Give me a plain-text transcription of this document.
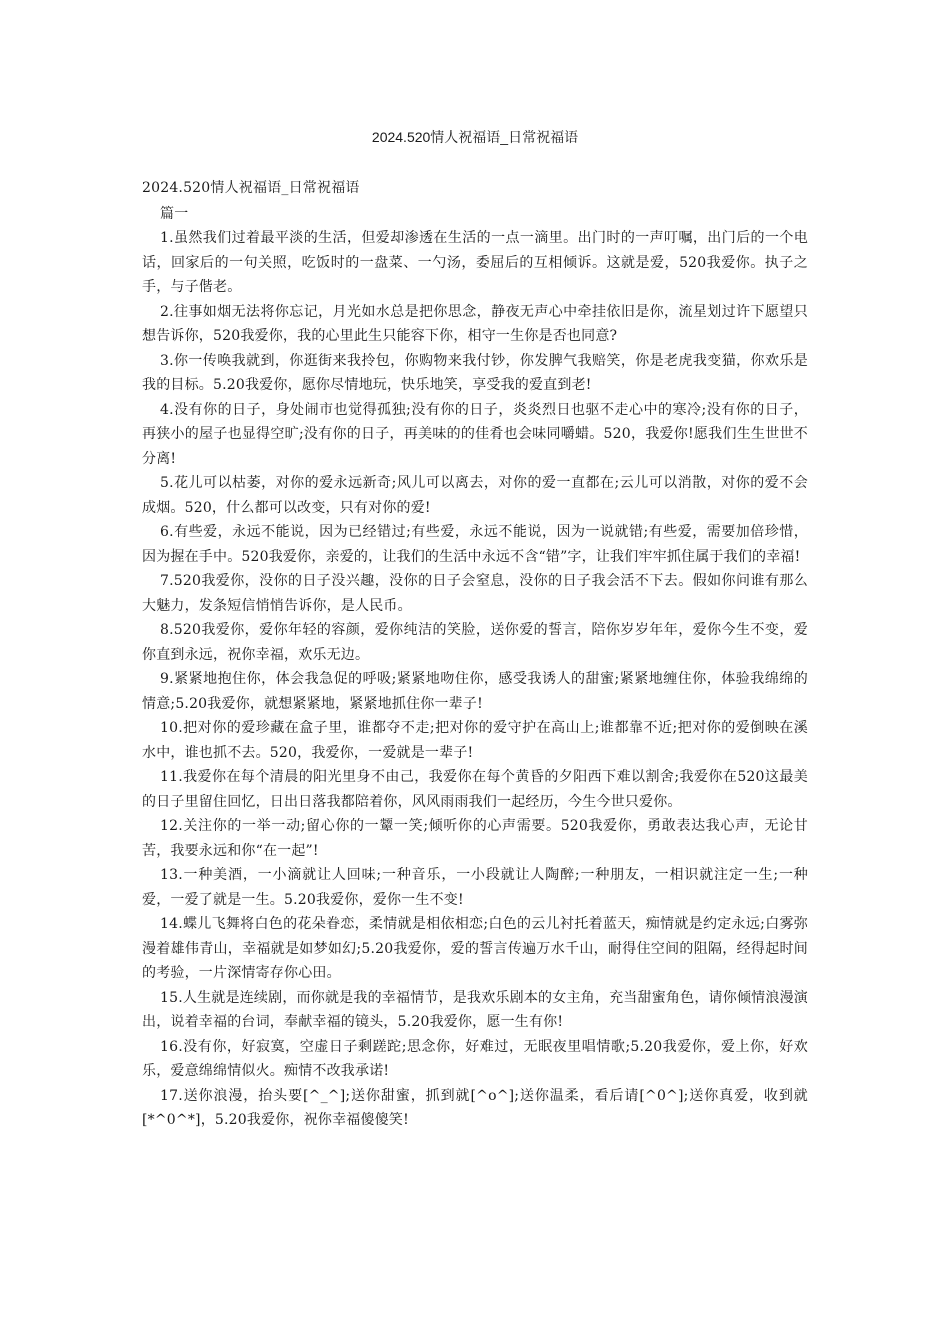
2024.520情人祝福语_日常祝福语

2024.520情人祝福语_日常祝福语

篇一

1.虽然我们过着最平淡的生活，但爱却渗透在生活的一点一滴里。出门时的一声叮嘱，出门后的一个电话，回家后的一句关照，吃饭时的一盘菜、一勺汤，委屈后的互相倾诉。这就是爱，520我爱你。执子之手，与子偕老。

2.往事如烟无法将你忘记，月光如水总是把你思念，静夜无声心中牵挂依旧是你，流星划过许下愿望只想告诉你，520我爱你，我的心里此生只能容下你，相守一生你是否也同意?

3.你一传唤我就到，你逛街来我拎包，你购物来我付钞，你发脾气我赔笑，你是老虎我变猫，你欢乐是我的目标。5.20我爱你，愿你尽情地玩，快乐地笑，享受我的爱直到老!

4.没有你的日子，身处闹市也觉得孤独;没有你的日子，炎炎烈日也驱不走心中的寒冷;没有你的日子，再狭小的屋子也显得空旷;没有你的日子，再美味的的佳肴也会味同嚼蜡。520，我爱你!愿我们生生世世不分离!

5.花儿可以枯萎，对你的爱永远新奇;风儿可以离去，对你的爱一直都在;云儿可以消散，对你的爱不会成烟。520，什么都可以改变，只有对你的爱!

6.有些爱，永远不能说，因为已经错过;有些爱，永远不能说，因为一说就错;有些爱，需要加倍珍惜，因为握在手中。520我爱你，亲爱的，让我们的生活中永远不含“错”字，让我们牢牢抓住属于我们的幸福!

7.520我爱你，没你的日子没兴趣，没你的日子会窒息，没你的日子我会活不下去。假如你问谁有那么大魅力，发条短信悄悄告诉你，是人民币。

8.520我爱你，爱你年轻的容颜，爱你纯洁的笑脸，送你爱的誓言，陪你岁岁年年，爱你今生不变，爱你直到永远，祝你幸福，欢乐无边。

9.紧紧地抱住你，体会我急促的呼吸;紧紧地吻住你，感受我诱人的甜蜜;紧紧地缠住你，体验我绵绵的情意;5.20我爱你，就想紧紧地，紧紧地抓住你一辈子!

10.把对你的爱珍藏在盒子里，谁都夺不走;把对你的爱守护在高山上;谁都靠不近;把对你的爱倒映在溪水中，谁也抓不去。520，我爱你，一爱就是一辈子!

11.我爱你在每个清晨的阳光里身不由己，我爱你在每个黄昏的夕阳西下难以割舍;我爱你在520这最美的日子里留住回忆，日出日落我都陪着你，风风雨雨我们一起经历，今生今世只爱你。

12.关注你的一举一动;留心你的一颦一笑;倾听你的心声需要。520我爱你，勇敢表达我心声，无论甘苦，我要永远和你“在一起”!

13.一种美酒，一小滴就让人回味;一种音乐，一小段就让人陶醉;一种朋友，一相识就注定一生;一种爱，一爱了就是一生。5.20我爱你，爱你一生不变!

14.蝶儿飞舞将白色的花朵眷恋，柔情就是相依相恋;白色的云儿衬托着蓝天，痴情就是约定永远;白雾弥漫着雄伟青山，幸福就是如梦如幻;5.20我爱你，爱的誓言传遍万水千山，耐得住空间的阻隔，经得起时间的考验，一片深情寄存你心田。

15.人生就是连续剧，而你就是我的幸福情节，是我欢乐剧本的女主角，充当甜蜜角色，请你倾情浪漫演出，说着幸福的台词，奉献幸福的镜头，5.20我爱你，愿一生有你!

16.没有你，好寂寞，空虚日子剩蹉跎;思念你，好难过，无眠夜里唱情歌;5.20我爱你，爱上你，好欢乐，爱意绵绵情似火。痴情不改我承诺!

17.送你浪漫，抬头要[^_^];送你甜蜜，抓到就[^o^];送你温柔，看后请[^0^];送你真爱，收到就[*^0^*]，5.20我爱你，祝你幸福傻傻笑!
